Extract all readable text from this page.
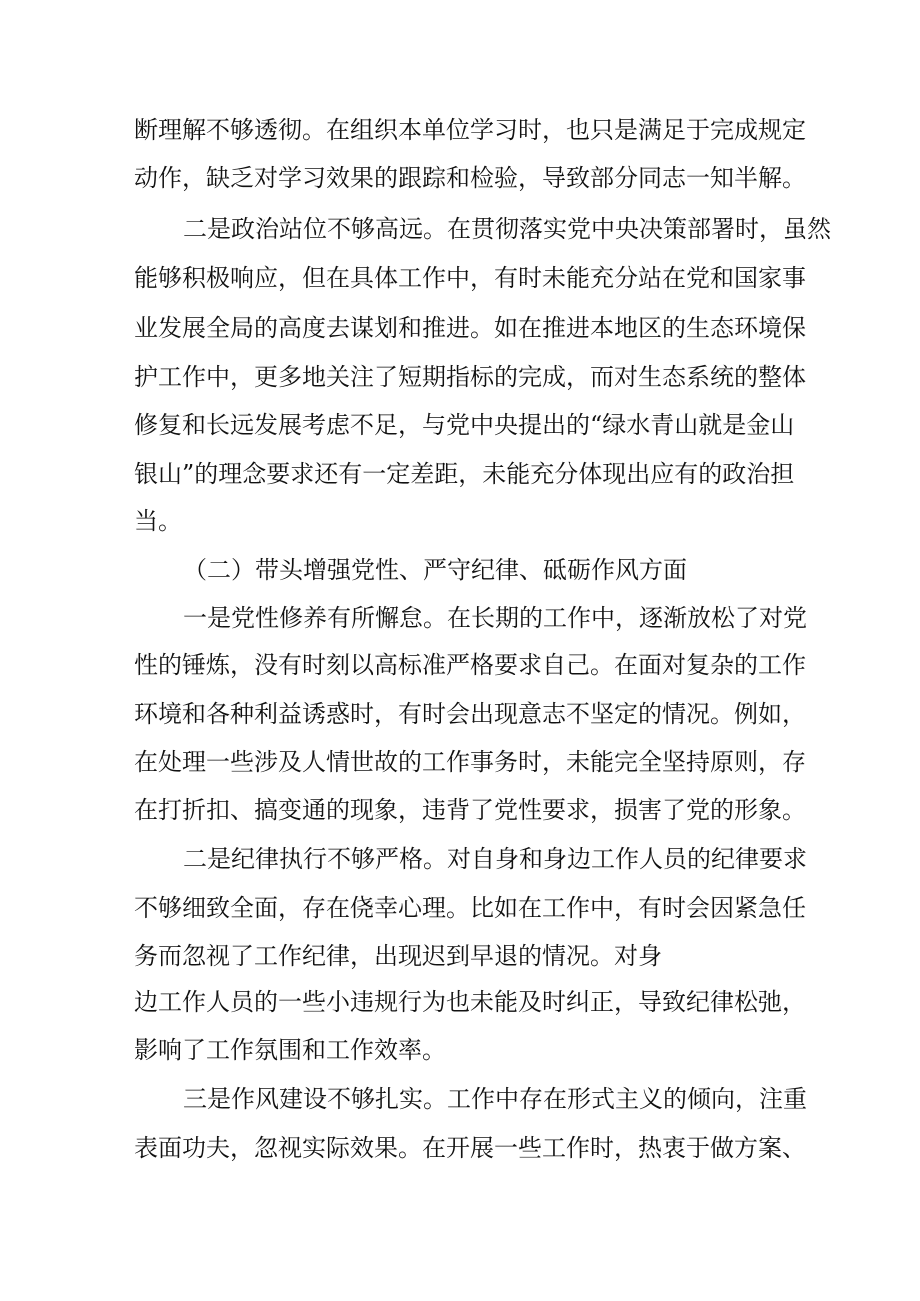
断理解不够透彻。在组织本单位学习时，也只是满足于完成规定

动作，缺乏对学习效果的跟踪和检验，导致部分同志一知半解。

二是政治站位不够高远。在贯彻落实党中央决策部署时，虽然

能够积极响应，但在具体工作中，有时未能充分站在党和国家事

业发展全局的高度去谋划和推进。如在推进本地区的生态环境保

护工作中，更多地关注了短期指标的完成，而对生态系统的整体

修复和长远发展考虑不足，与党中央提出的“绿水青山就是金山

银山”的理念要求还有一定差距，未能充分体现出应有的政治担

当。

（二）带头增强党性、严守纪律、砥砺作风方面

一是党性修养有所懈怠。在长期的工作中，逐渐放松了对党

性的锤炼，没有时刻以高标准严格要求自己。在面对复杂的工作

环境和各种利益诱惑时，有时会出现意志不坚定的情况。例如，

在处理一些涉及人情世故的工作事务时，未能完全坚持原则，存

在打折扣、搞变通的现象，违背了党性要求，损害了党的形象。

二是纪律执行不够严格。对自身和身边工作人员的纪律要求

不够细致全面，存在侥幸心理。比如在工作中，有时会因紧急任

务而忽视了工作纪律，出现迟到早退的情况。对身

边工作人员的一些小违规行为也未能及时纠正，导致纪律松弛，

影响了工作氛围和工作效率。

三是作风建设不够扎实。工作中存在形式主义的倾向，注重

表面功夫，忽视实际效果。在开展一些工作时，热衷于做方案、
